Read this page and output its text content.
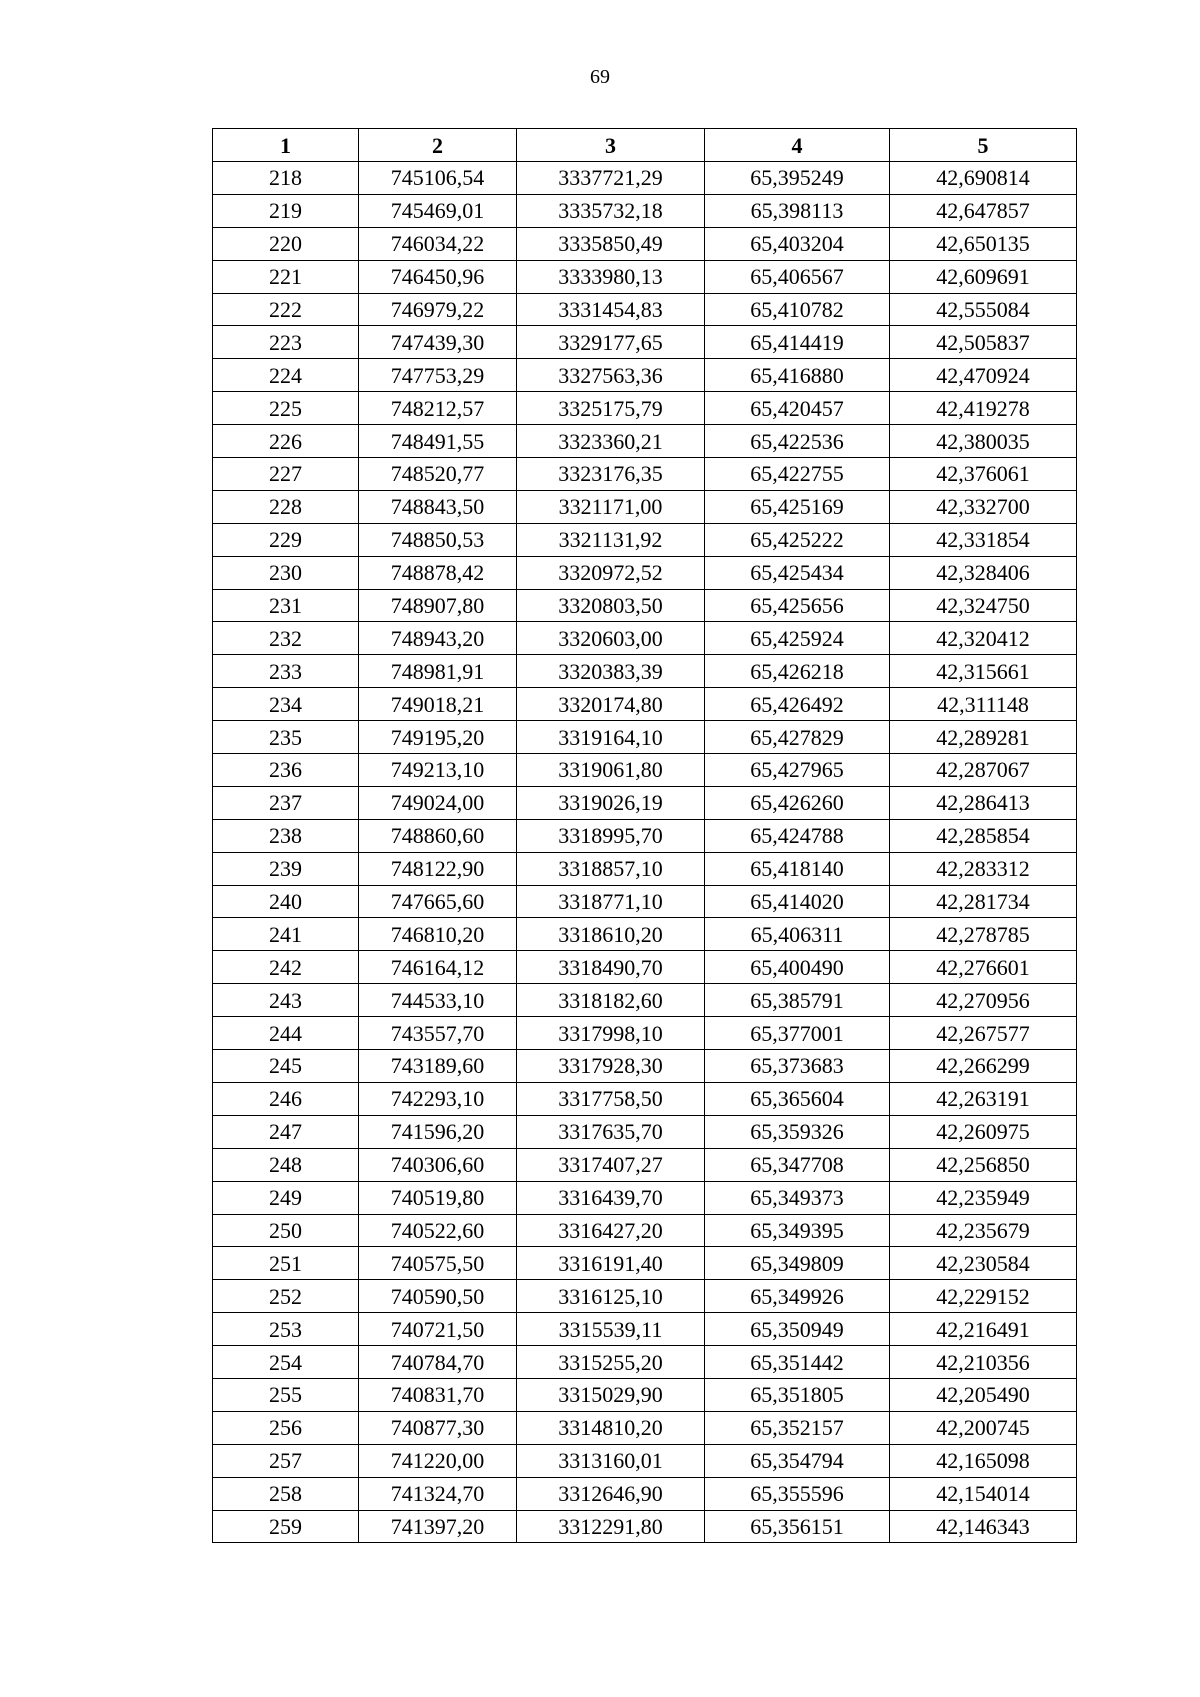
69
1	2	3	4	5
218	745106,54	3337721,29	65,395249	42,690814
219	745469,01	3335732,18	65,398113	42,647857
220	746034,22	3335850,49	65,403204	42,650135
221	746450,96	3333980,13	65,406567	42,609691
222	746979,22	3331454,83	65,410782	42,555084
223	747439,30	3329177,65	65,414419	42,505837
224	747753,29	3327563,36	65,416880	42,470924
225	748212,57	3325175,79	65,420457	42,419278
226	748491,55	3323360,21	65,422536	42,380035
227	748520,77	3323176,35	65,422755	42,376061
228	748843,50	3321171,00	65,425169	42,332700
229	748850,53	3321131,92	65,425222	42,331854
230	748878,42	3320972,52	65,425434	42,328406
231	748907,80	3320803,50	65,425656	42,324750
232	748943,20	3320603,00	65,425924	42,320412
233	748981,91	3320383,39	65,426218	42,315661
234	749018,21	3320174,80	65,426492	42,311148
235	749195,20	3319164,10	65,427829	42,289281
236	749213,10	3319061,80	65,427965	42,287067
237	749024,00	3319026,19	65,426260	42,286413
238	748860,60	3318995,70	65,424788	42,285854
239	748122,90	3318857,10	65,418140	42,283312
240	747665,60	3318771,10	65,414020	42,281734
241	746810,20	3318610,20	65,406311	42,278785
242	746164,12	3318490,70	65,400490	42,276601
243	744533,10	3318182,60	65,385791	42,270956
244	743557,70	3317998,10	65,377001	42,267577
245	743189,60	3317928,30	65,373683	42,266299
246	742293,10	3317758,50	65,365604	42,263191
247	741596,20	3317635,70	65,359326	42,260975
248	740306,60	3317407,27	65,347708	42,256850
249	740519,80	3316439,70	65,349373	42,235949
250	740522,60	3316427,20	65,349395	42,235679
251	740575,50	3316191,40	65,349809	42,230584
252	740590,50	3316125,10	65,349926	42,229152
253	740721,50	3315539,11	65,350949	42,216491
254	740784,70	3315255,20	65,351442	42,210356
255	740831,70	3315029,90	65,351805	42,205490
256	740877,30	3314810,20	65,352157	42,200745
257	741220,00	3313160,01	65,354794	42,165098
258	741324,70	3312646,90	65,355596	42,154014
259	741397,20	3312291,80	65,356151	42,146343
